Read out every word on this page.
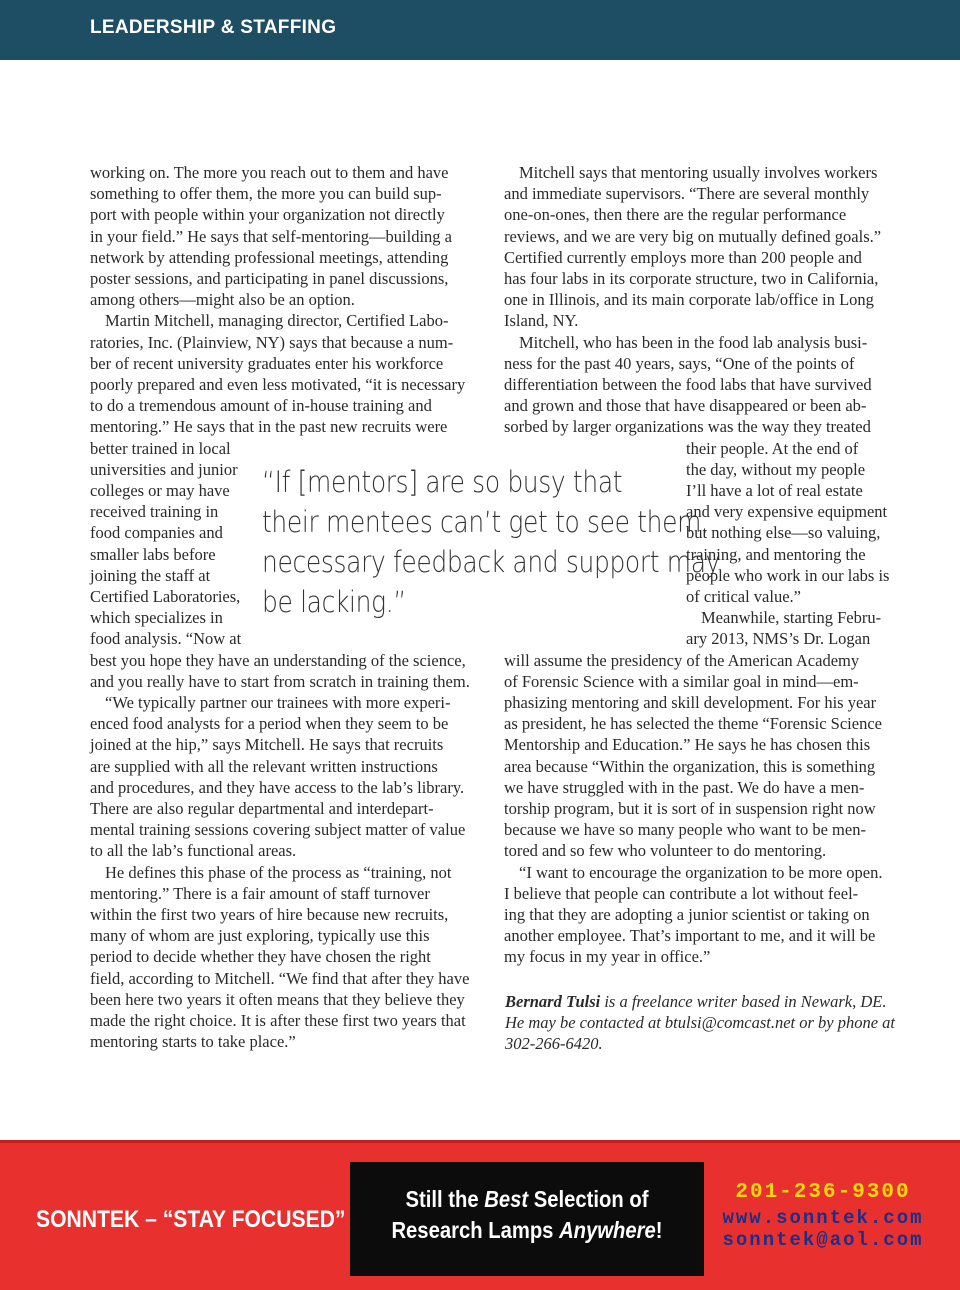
LEADERSHIP & STAFFING
working on. The more you reach out to them and have
something to offer them, the more you can build sup-
port with people within your organization not directly
in your field.” He says that self-mentoring—building a
network by attending professional meetings, attending
poster sessions, and participating in panel discussions,
among others—might also be an option.
Martin Mitchell, managing director, Certified Labo-
ratories, Inc. (Plainview, NY) says that because a num-
ber of recent university graduates enter his workforce
poorly prepared and even less motivated, “it is necessary
to do a tremendous amount of in-house training and
mentoring.” He says that in the past new recruits were
better trained in local
universities and junior
colleges or may have
received training in
food companies and
smaller labs before
joining the staff at
Certified Laboratories,
which specializes in
food analysis. “Now at
best you hope they have an understanding of the science,
and you really have to start from scratch in training them.
“We typically partner our trainees with more experi-
enced food analysts for a period when they seem to be
joined at the hip,” says Mitchell. He says that recruits
are supplied with all the relevant written instructions
and procedures, and they have access to the lab’s library.
There are also regular departmental and interdepart-
mental training sessions covering subject matter of value
to all the lab’s functional areas.
He defines this phase of the process as “training, not
mentoring.” There is a fair amount of staff turnover
within the first two years of hire because new recruits,
many of whom are just exploring, typically use this
period to decide whether they have chosen the right
field, according to Mitchell. “We find that after they have
been here two years it often means that they believe they
made the right choice. It is after these first two years that
mentoring starts to take place.”
Mitchell says that mentoring usually involves workers
and immediate supervisors. “There are several monthly
one-on-ones, then there are the regular performance
reviews, and we are very big on mutually defined goals.”
Certified currently employs more than 200 people and
has four labs in its corporate structure, two in California,
one in Illinois, and its main corporate lab/office in Long
Island, NY.
Mitchell, who has been in the food lab analysis busi-
ness for the past 40 years, says, “One of the points of
differentiation between the food labs that have survived
and grown and those that have disappeared or been ab-
sorbed by larger organizations was the way they treated
their people. At the end of
the day, without my people
I’ll have a lot of real estate
and very expensive equipment
but nothing else—so valuing,
training, and mentoring the
people who work in our labs is
of critical value.”
Meanwhile, starting Febru-
ary 2013, NMS’s Dr. Logan
will assume the presidency of the American Academy
of Forensic Science with a similar goal in mind—em-
phasizing mentoring and skill development. For his year
as president, he has selected the theme “Forensic Science
Mentorship and Education.” He says he has chosen this
area because “Within the organization, this is something
we have struggled with in the past. We do have a men-
torship program, but it is sort of in suspension right now
because we have so many people who want to be men-
tored and so few who volunteer to do mentoring.
“I want to encourage the organization to be more open.
I believe that people can contribute a lot without feel-
ing that they are adopting a junior scientist or taking on
another employee. That’s important to me, and it will be
my focus in my year in office.”
“If [mentors] are so busy that
their mentees can’t get to see them,
necessary feedback and support may
be lacking.”
Bernard Tulsi is a freelance writer based in Newark, DE.
He may be contacted at btulsi@comcast.net or by phone at
302-266-6420.
SONNTEK – “STAY FOCUSED”
Still the Best Selection of
Research Lamps Anywhere!
201-236-9300
www.sonntek.com
sonntek@aol.com
